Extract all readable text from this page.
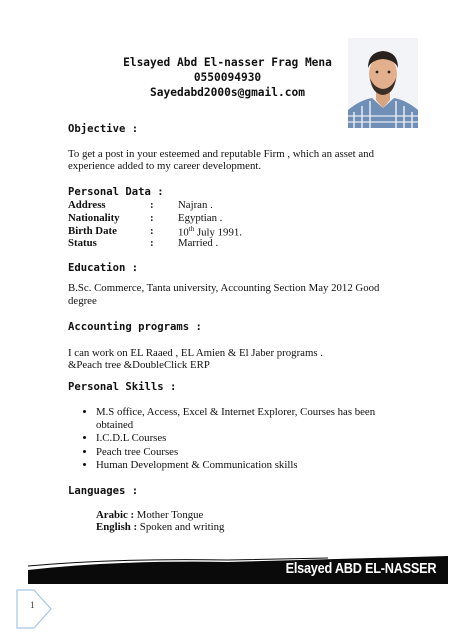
Elsayed Abd El-nasser Frag Mena
0550094930
Sayedabd2000s@gmail.com
Objective :
To get a post in your esteemed and reputable Firm , which an asset and
experience added to my career development.
Personal Data :
Address	: Najran .
Nationality	: Egyptian .
Birth Date	: 10th July 1991.
Status	: Married .
Education :
B.Sc. Commerce, Tanta university, Accounting Section May 2012 Good
degree
Accounting programs :
I can work on EL Raaed , EL Amien & El Jaber programs .
&Peach tree &DoubleClick ERP
Personal Skills :
• M.S office, Access, Excel & Internet Explorer, Courses has been obtained
• I.C.D.L Courses
• Peach tree Courses
• Human Development & Communication skills
Languages :
Arabic : Mother Tongue
English : Spoken and writing
Elsayed ABD EL-NASSER
1
